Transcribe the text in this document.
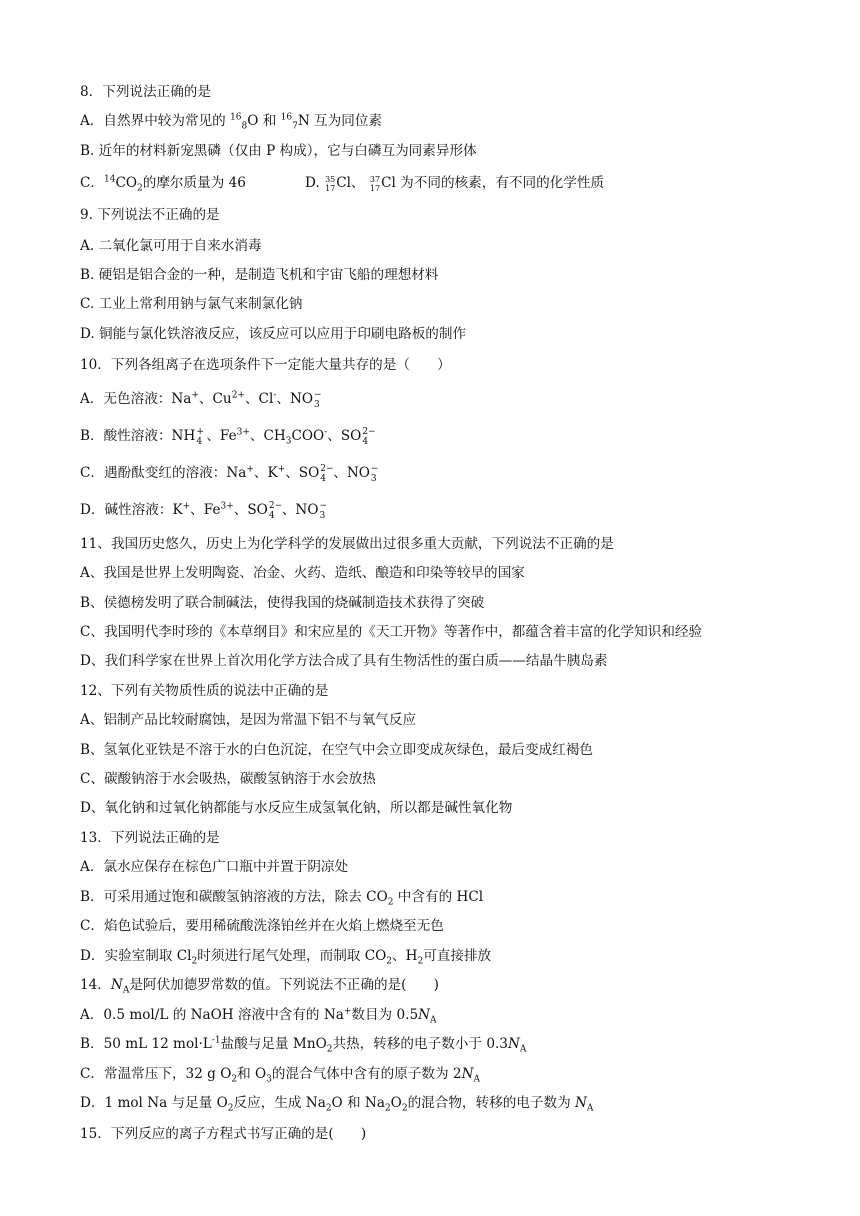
8．下列说法正确的是
A．自然界中较为常见的 $^{16}_8$O 和 $^{16}_7$N 互为同位素
B. 近年的材料新宠黑磷（仅由 P 构成），它与白磷互为同素异形体
C．$^{14}CO_2$的摩尔质量为 46	D. 35
17 Cl、 37
17 Cl 为不同的核素，有不同的化学性质
9. 下列说法不正确的是
A. 二氧化氯可用于自来水消毒
B. 硬铝是铝合金的一种，是制造飞机和宇宙飞船的理想材料
C. 工业上常利用钠与氯气来制氯化钠
D. 铜能与氯化铁溶液反应，该反应可以应用于印刷电路板的制作
10．下列各组离子在选项条件下一定能大量共存的是（　　）
A．无色溶液：Na+、$Cu^{2+}$、Cl-、NO −
3
B．酸性溶液：NH +
4 、$Fe^{3+}$、$CH_3COO^-$、SO 2−
4
C．遇酚酞变红的溶液：Na+、K+、SO 2−
4 、NO −
3
D．碱性溶液：K+、$Fe^{3+}$、SO 2−
4 、NO −
3
11、我国历史悠久，历史上为化学科学的发展做出过很多重大贡献，下列说法不正确的是
A、我国是世界上发明陶瓷、冶金、火药、造纸、酿造和印染等较早的国家
B、侯德榜发明了联合制碱法，使得我国的烧碱制造技术获得了突破
C、我国明代李时珍的《本草纲目》和宋应星的《天工开物》等著作中，都蕴含着丰富的化学知识和经验
D、我们科学家在世界上首次用化学方法合成了具有生物活性的蛋白质——结晶牛胰岛素
12、下列有关物质性质的说法中正确的是
A、铝制产品比较耐腐蚀，是因为常温下铝不与氧气反应
B、氢氧化亚铁是不溶于水的白色沉淀，在空气中会立即变成灰绿色，最后变成红褐色
C、碳酸钠溶于水会吸热，碳酸氢钠溶于水会放热
D、氧化钠和过氧化钠都能与水反应生成氢氧化钠，所以都是碱性氧化物
13．下列说法正确的是
A．氯水应保存在棕色广口瓶中并置于阴凉处
B．可采用通过饱和碳酸氢钠溶液的方法，除去 $CO_2$ 中含有的 HCl
C．焰色试验后，要用稀硫酸洗涤铂丝并在火焰上燃烧至无色
D．实验室制取 $Cl_2$时须进行尾气处理，而制取 $CO_2$、$H_2$可直接排放
14．$N_A$是阿伏加德罗常数的值。下列说法不正确的是(　　)
A．0.5 mol/L 的 NaOH 溶液中含有的 Na+数目为 $0.5N_A$
B．50 mL 12 $mol\cdot L^{-1}$盐酸与足量 MnO$_2$共热，转移的电子数小于 $0.3N_A$
C．常温常压下，32 g $O_2$和 $O_3$的混合气体中含有的原子数为 $2N_A$
D．1 mol Na 与足量 $O_2$反应，生成 $Na_2O$ 和 $Na_2O_2$的混合物，转移的电子数为 $N_A$
15．下列反应的离子方程式书写正确的是(　　)
